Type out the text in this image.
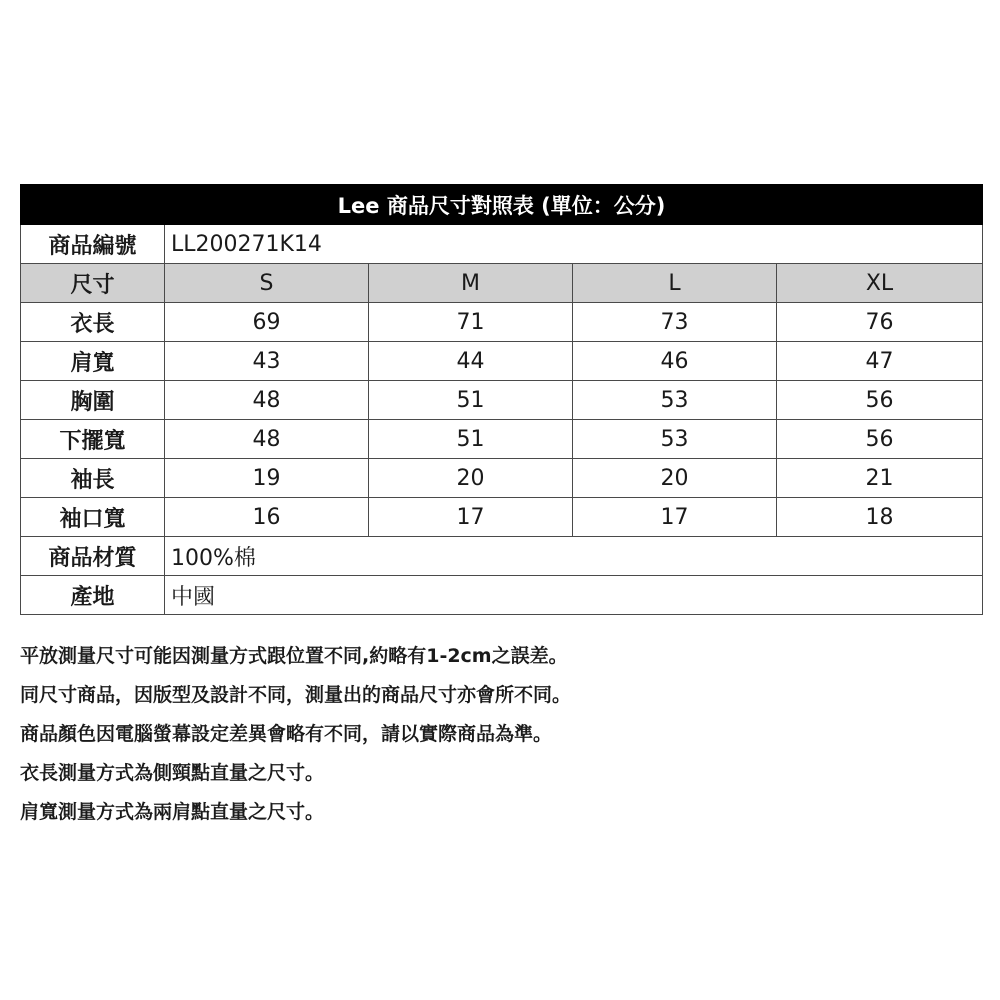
Lee 商品尺寸對照表 (單位：公分)				
商品編號	LL200271K14			
尺寸	S	M	L	XL
衣長	69	71	73	76
肩寬	43	44	46	47
胸圍	48	51	53	56
下擺寬	48	51	53	56
袖長	19	20	20	21
袖口寬	16	17	17	18
商品材質	100%棉			
產地	中國			
平放測量尺寸可能因測量方式跟位置不同,約略有1-2cm之誤差。
同尺寸商品，因版型及設計不同，測量出的商品尺寸亦會所不同。
商品顏色因電腦螢幕設定差異會略有不同，請以實際商品為準。
衣長測量方式為側頸點直量之尺寸。
肩寬測量方式為兩肩點直量之尺寸。
